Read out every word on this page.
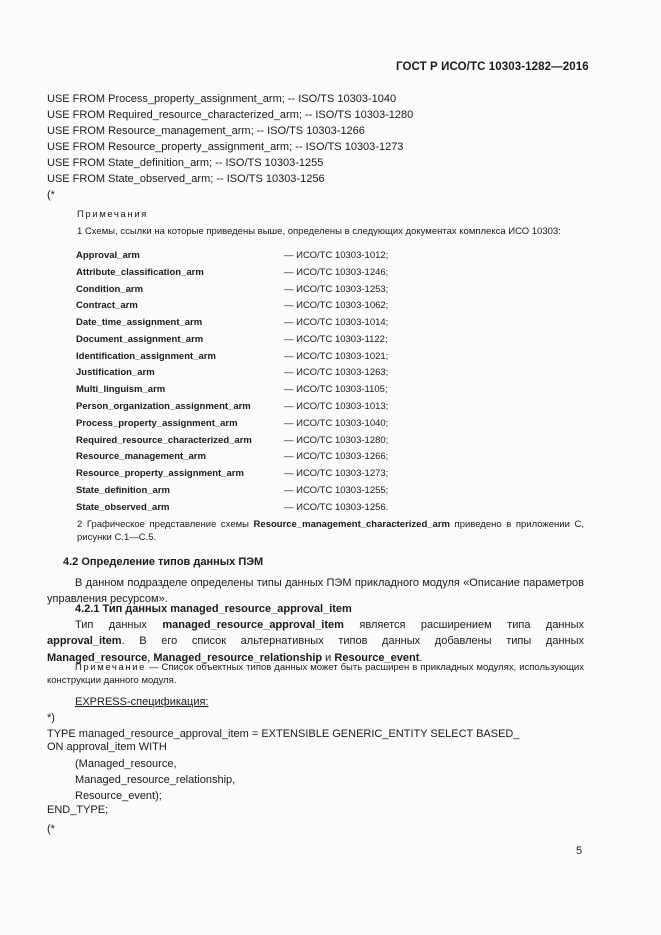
ГОСТ Р ИСО/ТС 10303-1282—2016
USE FROM Process_property_assignment_arm; -- ISO/TS 10303-1040
USE FROM Required_resource_characterized_arm; -- ISO/TS 10303-1280
USE FROM Resource_management_arm; -- ISO/TS 10303-1266
USE FROM Resource_property_assignment_arm; -- ISO/TS 10303-1273
USE FROM State_definition_arm; -- ISO/TS 10303-1255
USE FROM State_observed_arm; -- ISO/TS 10303-1256
(*
Примечания
1 Схемы, ссылки на которые приведены выше, определены в следующих документах комплекса ИСО 10303:
Approval_arm	— ИСО/ТС 10303-1012;
Attribute_classification_arm	— ИСО/ТС 10303-1246;
Condition_arm	— ИСО/ТС 10303-1253;
Contract_arm	— ИСО/ТС 10303-1062;
Date_time_assignment_arm	— ИСО/ТС 10303-1014;
Document_assignment_arm	— ИСО/ТС 10303-1122;
Identification_assignment_arm	— ИСО/ТС 10303-1021;
Justification_arm	— ИСО/ТС 10303-1263;
Multi_linguism_arm	— ИСО/ТС 10303-1105;
Person_organization_assignment_arm	— ИСО/ТС 10303-1013;
Process_property_assignment_arm	— ИСО/ТС 10303-1040;
Required_resource_characterized_arm	— ИСО/ТС 10303-1280;
Resource_management_arm	— ИСО/ТС 10303-1266;
Resource_property_assignment_arm	— ИСО/ТС 10303-1273;
State_definition_arm	— ИСО/ТС 10303-1255;
State_observed_arm	— ИСО/ТС 10303-1256.
2 Графическое представление схемы Resource_management_characterized_arm приведено в приложении С, рисунки С.1—С.5.
4.2 Определение типов данных ПЭМ
В данном подразделе определены типы данных ПЭМ прикладного модуля «Описание параметров управления ресурсом».
4.2.1 Тип данных managed_resource_approval_item
Тип данных managed_resource_approval_item является расширением типа данных approval_item. В его список альтернативных типов данных добавлены типы данных Managed_resource, Managed_resource_relationship и Resource_event.
Примечание — Список объектных типов данных может быть расширен в прикладных модулях, использующих конструкции данного модуля.
EXPRESS-спецификация:
*)
TYPE managed_resource_approval_item = EXTENSIBLE GENERIC_ENTITY SELECT BASED_
ON approval_item WITH
(Managed_resource,
Managed_resource_relationship,
Resource_event);
END_TYPE;
(*
5
